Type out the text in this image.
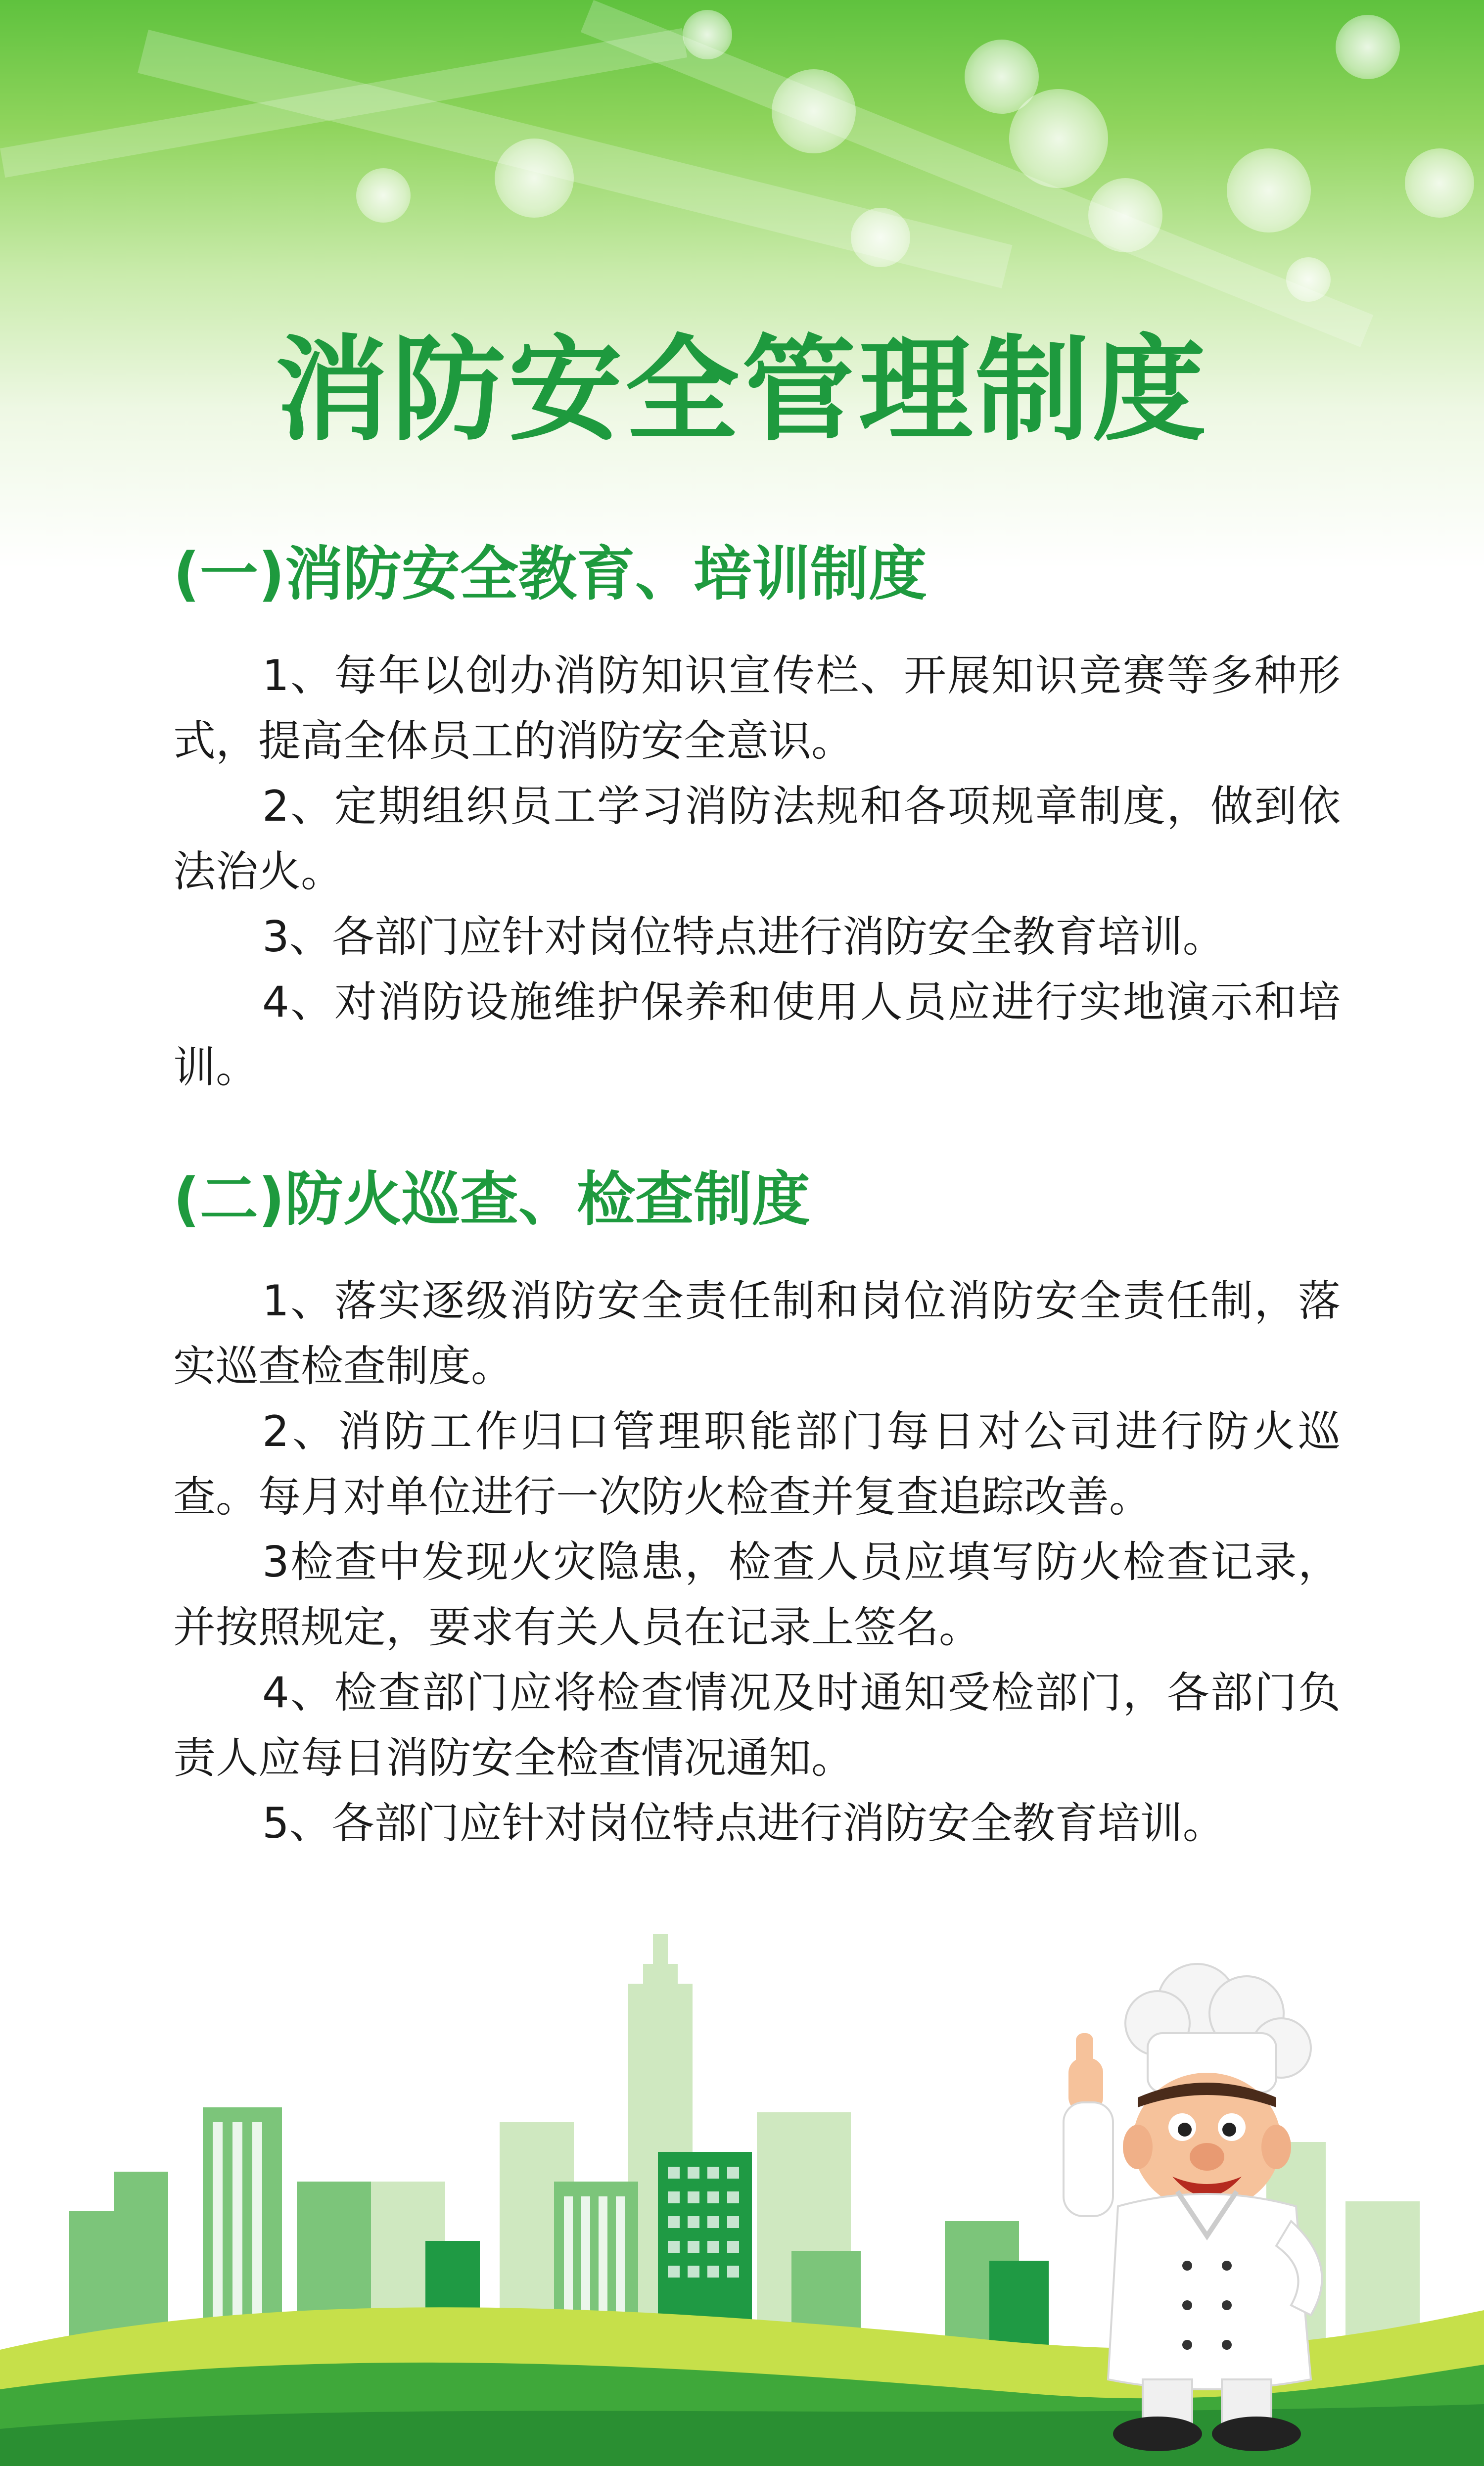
消防安全管理制度
(一)消防安全教育、培训制度

1、每年以创办消防知识宣传栏、开展知识竞赛等多种形式，提高全体员工的消防安全意识。

2、定期组织员工学习消防法规和各项规章制度，做到依法治火。

3、各部门应针对岗位特点进行消防安全教育培训。

4、对消防设施维护保养和使用人员应进行实地演示和培训。

(二)防火巡查、检查制度

1、落实逐级消防安全责任制和岗位消防安全责任制，落实巡查检查制度。

2、消防工作归口管理职能部门每日对公司进行防火巡查。每月对单位进行一次防火检查并复查追踪改善。

3检查中发现火灾隐患，检查人员应填写防火检查记录，并按照规定，要求有关人员在记录上签名。

4、检查部门应将检查情况及时通知受检部门，各部门负责人应每日消防安全检查情况通知。

5、各部门应针对岗位特点进行消防安全教育培训。
